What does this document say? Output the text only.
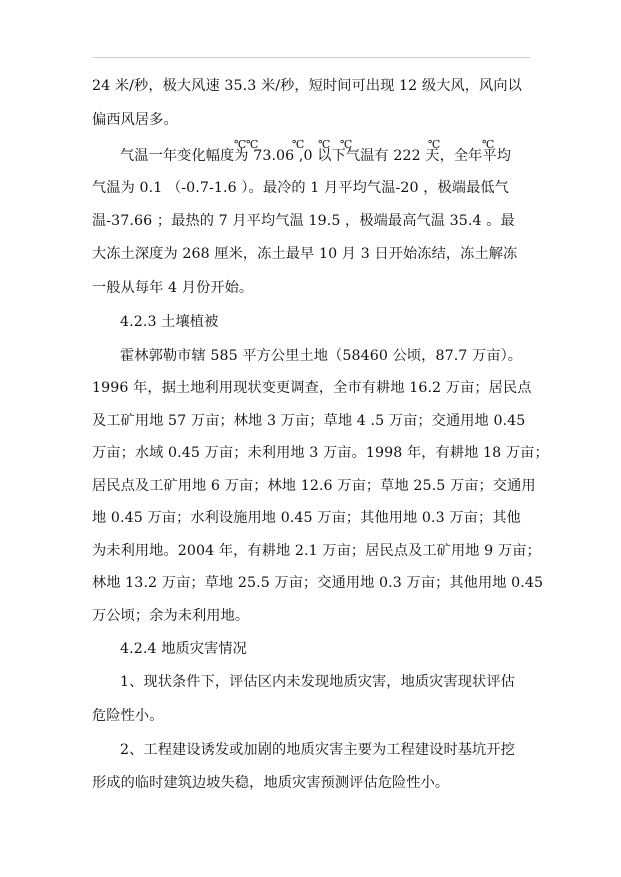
24 米/秒，极大风速 35.3 米/秒，短时间可出现 12 级大风，风向以
偏西风居多。
气温一年变化幅度为 73.06 ,0 以下气温有 222 天，全年平均
℃ ℃	℃ ℃ ℃	℃	℃
气温为 0.1 （-0.7-1.6 ）。最冷的 1 月平均气温-20 ，极端最低气
温-37.66 ；最热的 7 月平均气温 19.5 ，极端最高气温 35.4 。最
大冻土深度为 268 厘米，冻土最早 10 月 3 日开始冻结，冻土解冻
一般从每年 4 月份开始。
4.2.3 土壤植被
霍林郭勒市辖 585 平方公里土地（58460 公顷，87.7 万亩）。
1996 年，据土地利用现状变更调查，全市有耕地 16.2 万亩；居民点
及工矿用地 57 万亩；林地 3 万亩；草地 4 .5 万亩；交通用地 0.45
万亩；水域 0.45 万亩；未利用地 3 万亩。1998 年，有耕地 18 万亩；
居民点及工矿用地 6 万亩；林地 12.6 万亩；草地 25.5 万亩；交通用
地 0.45 万亩；水利设施用地 0.45 万亩；其他用地 0.3 万亩；其他
为未利用地。2004 年，有耕地 2.1 万亩；居民点及工矿用地 9 万亩；
林地 13.2 万亩；草地 25.5 万亩；交通用地 0.3 万亩；其他用地 0.45
万公顷；余为未利用地。
4.2.4 地质灾害情况
1、现状条件下，评估区内未发现地质灾害，地质灾害现状评估
危险性小。
2、工程建设诱发或加剧的地质灾害主要为工程建设时基坑开挖
形成的临时建筑边坡失稳，地质灾害预测评估危险性小。
